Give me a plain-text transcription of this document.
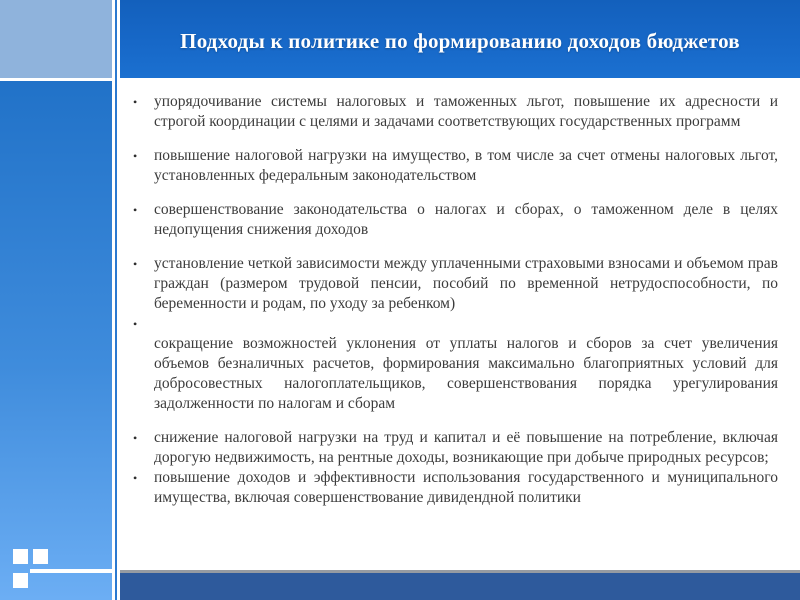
Подходы к политике по формированию доходов бюджетов
•	упорядочивание системы налоговых и таможенных льгот, повышение их адресности и строгой координации с целями и задачами соответствующих государственных программ
•	повышение налоговой нагрузки на имущество, в том числе за счет отмены налоговых льгот, установленных федеральным законодательством
•	совершенствование законодательства о налогах и сборах, о таможенном деле в целях недопущения снижения доходов
•	установление четкой зависимости между уплаченными страховыми взносами и объемом прав граждан (размером трудовой пенсии, пособий по временной нетрудоспособности, по беременности и родам, по уходу за ребенком)
•
сокращение возможностей уклонения от уплаты налогов и сборов за счет увеличения объемов безналичных расчетов, формирования максимально благоприятных условий для добросовестных налогоплательщиков, совершенствования порядка урегулирования задолженности по налогам и сборам
•	снижение налоговой нагрузки на труд и капитал и её повышение на потребление, включая дорогую недвижимость, на рентные доходы, возникающие при добыче природных ресурсов;
•	повышение доходов и эффективности использования государственного и муниципального имущества, включая совершенствование дивидендной политики
